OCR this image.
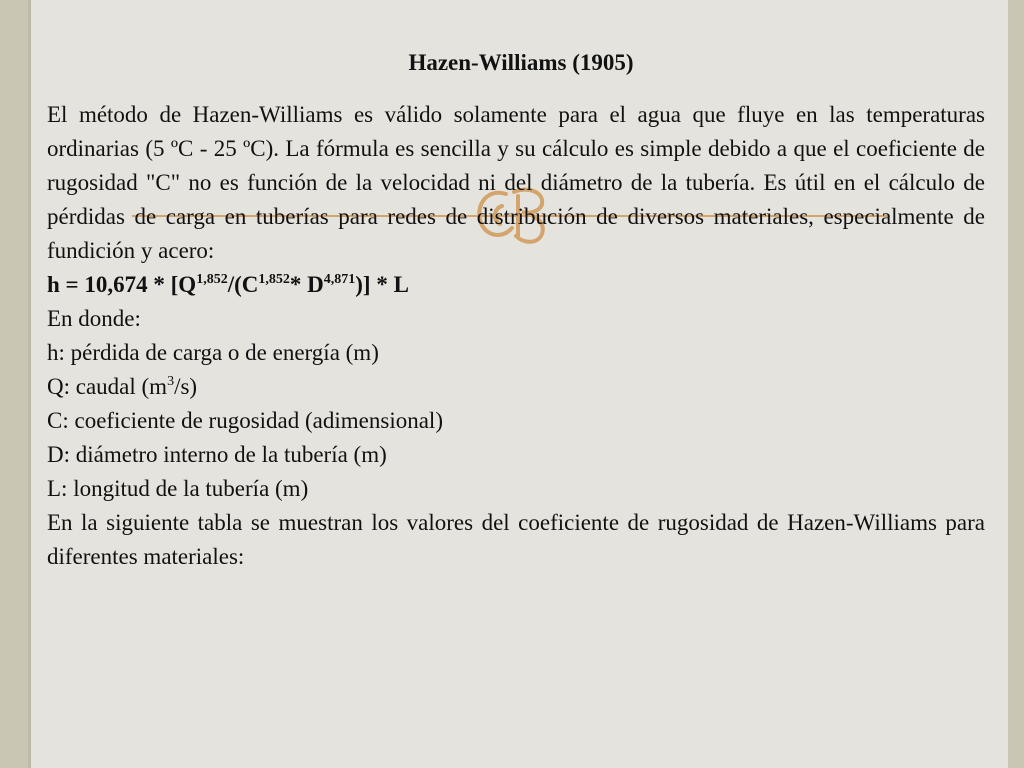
Hazen-Williams (1905)

El método de Hazen-Williams es válido solamente para el agua que fluye en las temperaturas ordinarias (5 ºC - 25 ºC). La fórmula es sencilla y su cálculo es simple debido a que el coeficiente de rugosidad "C" no es función de la velocidad ni del diámetro de la tubería. Es útil en el cálculo de pérdidas de carga en tuberías para redes de distribución de diversos materiales, especialmente de fundición y acero:

$h = 10,674 * [Q^{1,852}/(C^{1,852}*$ D$^{4,871}$)] * L

En donde:

h: pérdida de carga o de energía (m)

Q: caudal $(m^3/s)$

C: coeficiente de rugosidad (adimensional)

D: diámetro interno de la tubería (m)

L: longitud de la tubería (m)

En la siguiente tabla se muestran los valores del coeficiente de rugosidad de Hazen-Williams para diferentes materiales:
